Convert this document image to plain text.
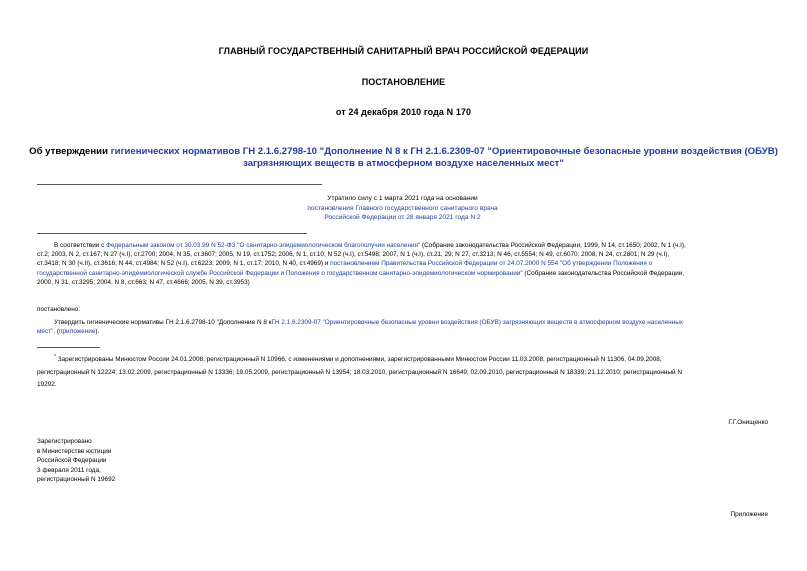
ГЛАВНЫЙ ГОСУДАРСТВЕННЫЙ САНИТАРНЫЙ ВРАЧ РОССИЙСКОЙ ФЕДЕРАЦИИ
ПОСТАНОВЛЕНИЕ
от 24 декабря 2010 года N 170
Об утверждении гигиенических нормативов ГН 2.1.6.2798-10 "Дополнение N 8 к ГН 2.1.6.2309-07 "Ориентировочные безопасные уровни воздействия (ОБУВ)
загрязняющих веществ в атмосферном воздухе населенных мест"
Утратило силу с 1 марта 2021 года на основании
постановления Главного государственного санитарного врача
Российской Федерации от 28 января 2021 года N 2
В соответствии с Федеральным законом от 30.03.99 N 52-ФЗ "О санитарно-эпидемиологическом благополучии населения" (Собрание законодательства Российской Федерации, 1999, N 14, ст.1650; 2002, N 1 (ч.I),
ст.2; 2003, N 2, ст.167; N 27 (ч.I), ст.2700; 2004, N 35, ст.3607; 2005, N 19, ст.1752; 2006, N 1, ст.10; N 52 (ч.I), ст.5498; 2007, N 1 (ч.I), ст.21, 29; N 27, ст.3213; N 46, ст.5554; N 49, ст.6070; 2008, N 24, ст.2801; N 29 (ч.I),
ст.3418; N 30 (ч.II), ст.3616; N 44, ст.4984; N 52 (ч.I), ст.6223; 2009, N 1, ст.17; 2010, N 40, ст.4969) и постановлением Правительства Российской Федерации от 24.07.2000 N 554 "Об утверждении Положения о
государственной санитарно-эпидемиологической службе Российской Федерации и Положения о государственном санитарно-эпидемиологическом нормировании" (Собрание законодательства Российской Федерации,
2000, N 31, ст.3295; 2004, N 8, ст.663; N 47, ст.4666; 2005, N 39, ст.3953)
постановлено:
Утвердить гигиенические нормативы ГН 2.1.6.2798-10 "Дополнение N 8 кГН 2.1.6.2309-07 "Ориентировочные безопасные уровни воздействия (ОБУВ) загрязняющих веществ в атмосферном воздухе населенных
мест". (приложение).
* Зарегистрированы Минюстом России 24.01.2008, регистрационный N 10966, с изменениями и дополнениями, зарегистрированными Минюстом России 11.03.2008, регистрационный N 11306, 04.09.2008,
регистрационный N 12224; 13.02.2009, регистрационный N 13336; 19.05.2009, регистрационный N 13954; 18.03.2010, регистрационный N 16649; 02.09.2010, регистрационный N 18339; 21.12.2010; регистрационный N
19292.
Г.Г.Онищенко
Зарегистрировано
в Министерстве юстиции
Российской Федерации
3 февраля 2011 года,
регистрационный N 19692
Приложение
